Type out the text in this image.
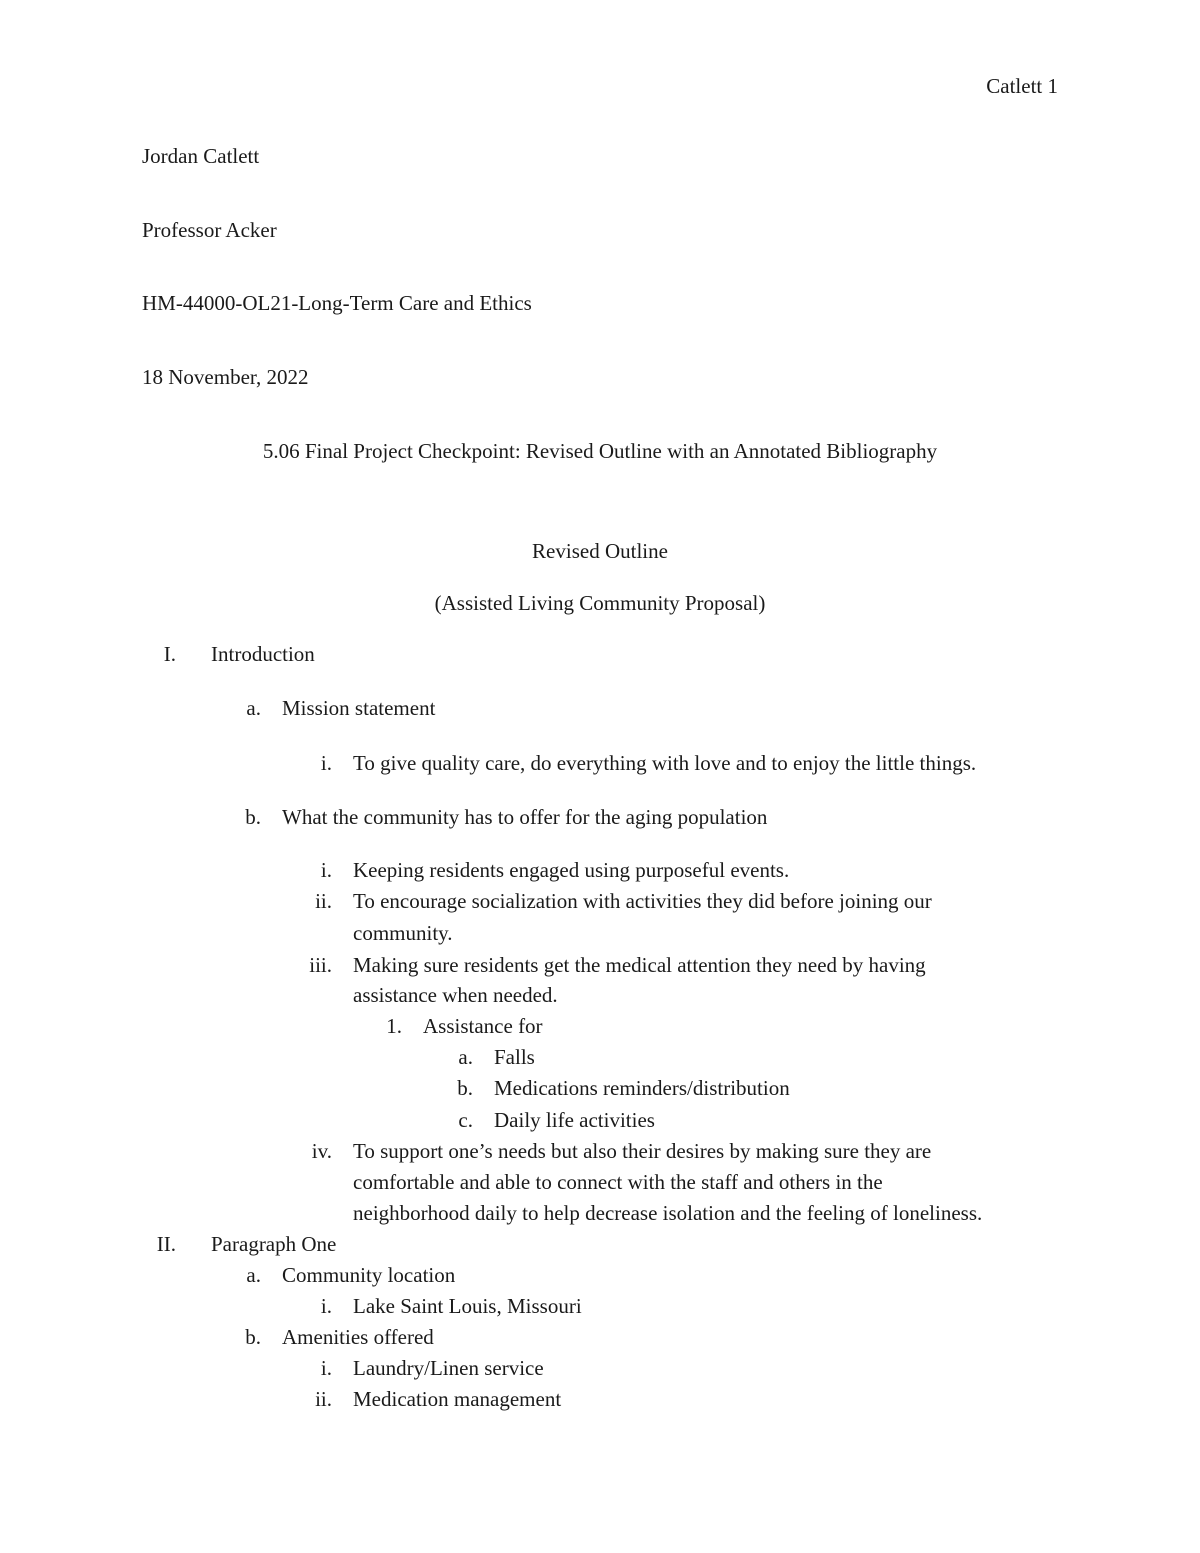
Catlett 1
Jordan Catlett
Professor Acker
HM-44000-OL21-Long-Term Care and Ethics
18 November, 2022
5.06 Final Project Checkpoint: Revised Outline with an Annotated Bibliography
Revised Outline
(Assisted Living Community Proposal)
I. Introduction
a. Mission statement
i. To give quality care, do everything with love and to enjoy the little things.
b. What the community has to offer for the aging population
i. Keeping residents engaged using purposeful events.
ii. To encourage socialization with activities they did before joining our
community.
iii. Making sure residents get the medical attention they need by having
assistance when needed.
1. Assistance for
a. Falls
b. Medications reminders/distribution
c. Daily life activities
iv. To support one’s needs but also their desires by making sure they are
comfortable and able to connect with the staff and others in the
neighborhood daily to help decrease isolation and the feeling of loneliness.
II. Paragraph One
a. Community location
i. Lake Saint Louis, Missouri
b. Amenities offered
i. Laundry/Linen service
ii. Medication management
